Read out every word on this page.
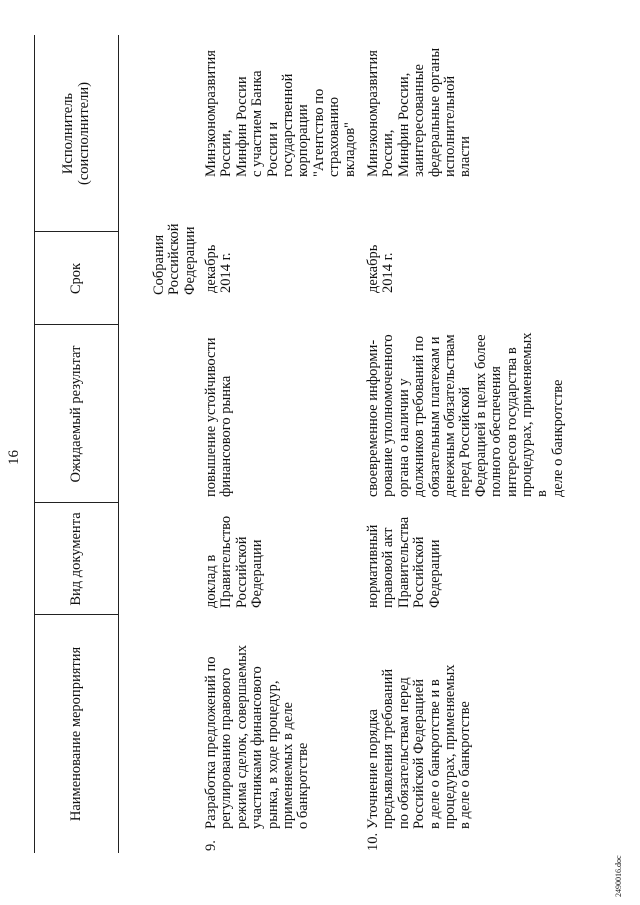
16
Наименование мероприятия
Вид документа
Ожидаемый результат
Срок
Исполнитель
(соисполнители)
Собрания
Российской
Федерации
9.
Разработка предложений по
регулированию правового
режима сделок, совершаемых
участниками финансового
рынка, в ходе процедур,
применяемых в деле
о банкротстве
доклад в
Правительство
Российской
Федерации
повышение устойчивости
финансового рынка
декабрь
2014 г.
Минэкономразвития
России,
Минфин России
с участием Банка
России и
государственной
корпорации
"Агентство по
страхованию
вкладов"
10.
Уточнение порядка
предъявления требований
по обязательствам перед
Российской Федерацией
в деле о банкротстве и в
процедурах, применяемых
в деле о банкротстве
нормативный
правовой акт
Правительства
Российской
Федерации
своевременное информи-
рование уполномоченного
органа о наличии у
должников требований по
обязательным платежам и
денежным обязательствам
перед Российской
Федерацией в целях более
полного обеспечения
интересов государства в
процедурах, применяемых в
деле о банкротстве
декабрь
2014 г.
Минэкономразвития
России,
Минфин России,
заинтересованные
федеральные органы
исполнительной
власти
2490016.doc
